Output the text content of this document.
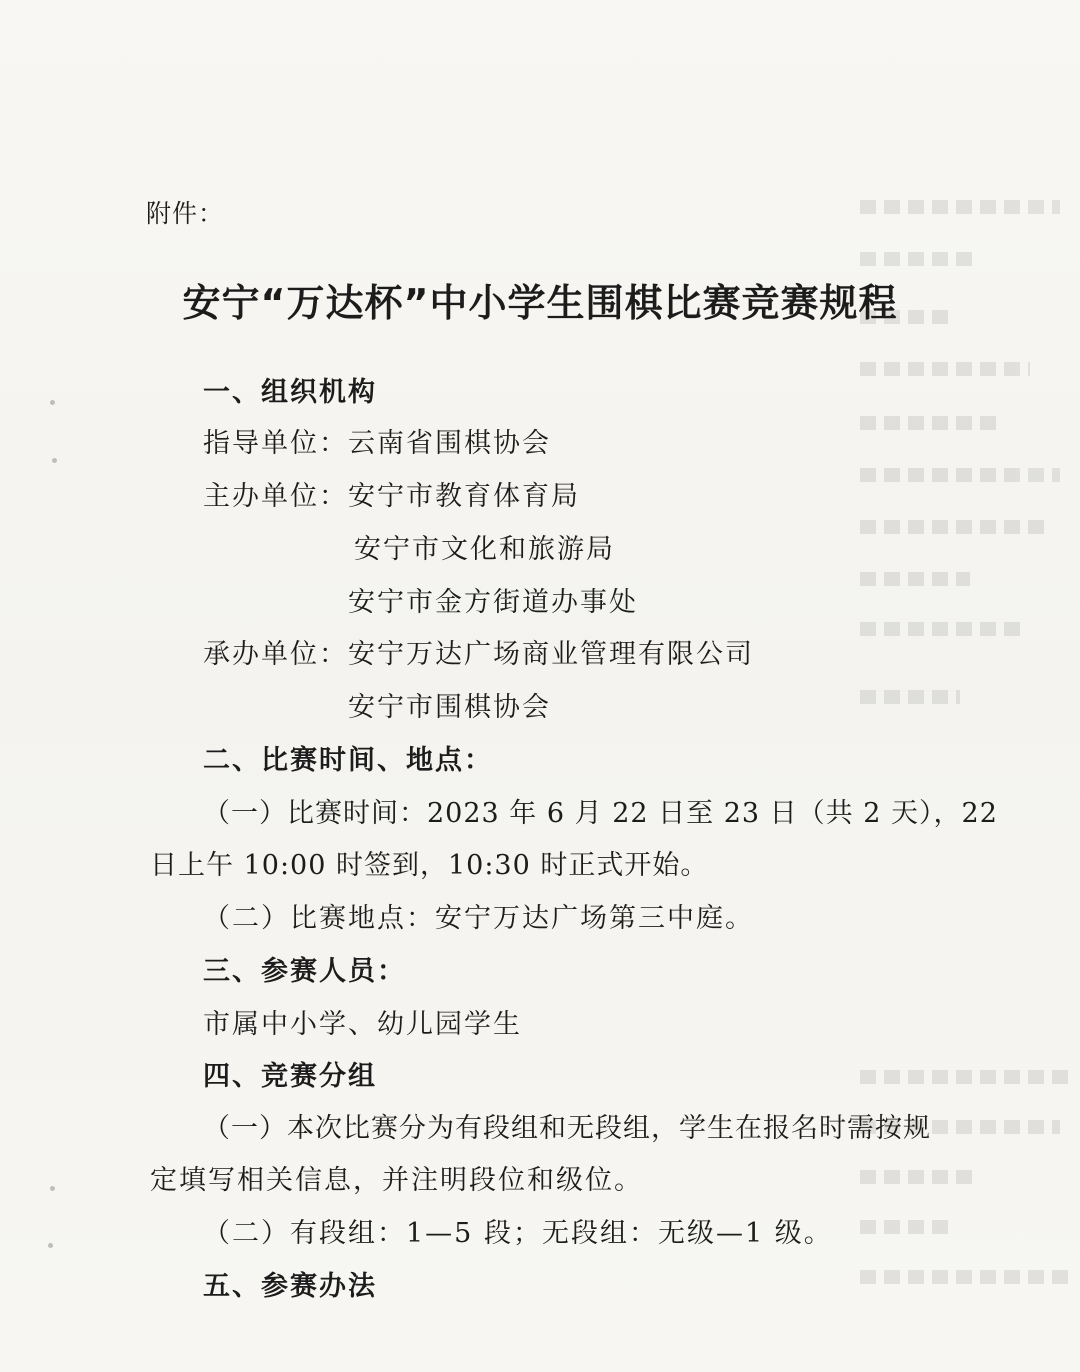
附件：
安宁“万达杯”中小学生围棋比赛竞赛规程
一、组织机构
指导单位：云南省围棋协会
主办单位：安宁市教育体育局
安宁市文化和旅游局
安宁市金方街道办事处
承办单位：安宁万达广场商业管理有限公司
安宁市围棋协会
二、比赛时间、地点：
（一）比赛时间：2023 年 6 月 22 日至 23 日（共 2 天），22
日上午 10:00 时签到，10:30 时正式开始。
（二）比赛地点：安宁万达广场第三中庭。
三、参赛人员：
市属中小学、幼儿园学生
四、竞赛分组
（一）本次比赛分为有段组和无段组，学生在报名时需按规
定填写相关信息，并注明段位和级位。
（二）有段组：1—5 段；无段组：无级—1 级。
五、参赛办法
